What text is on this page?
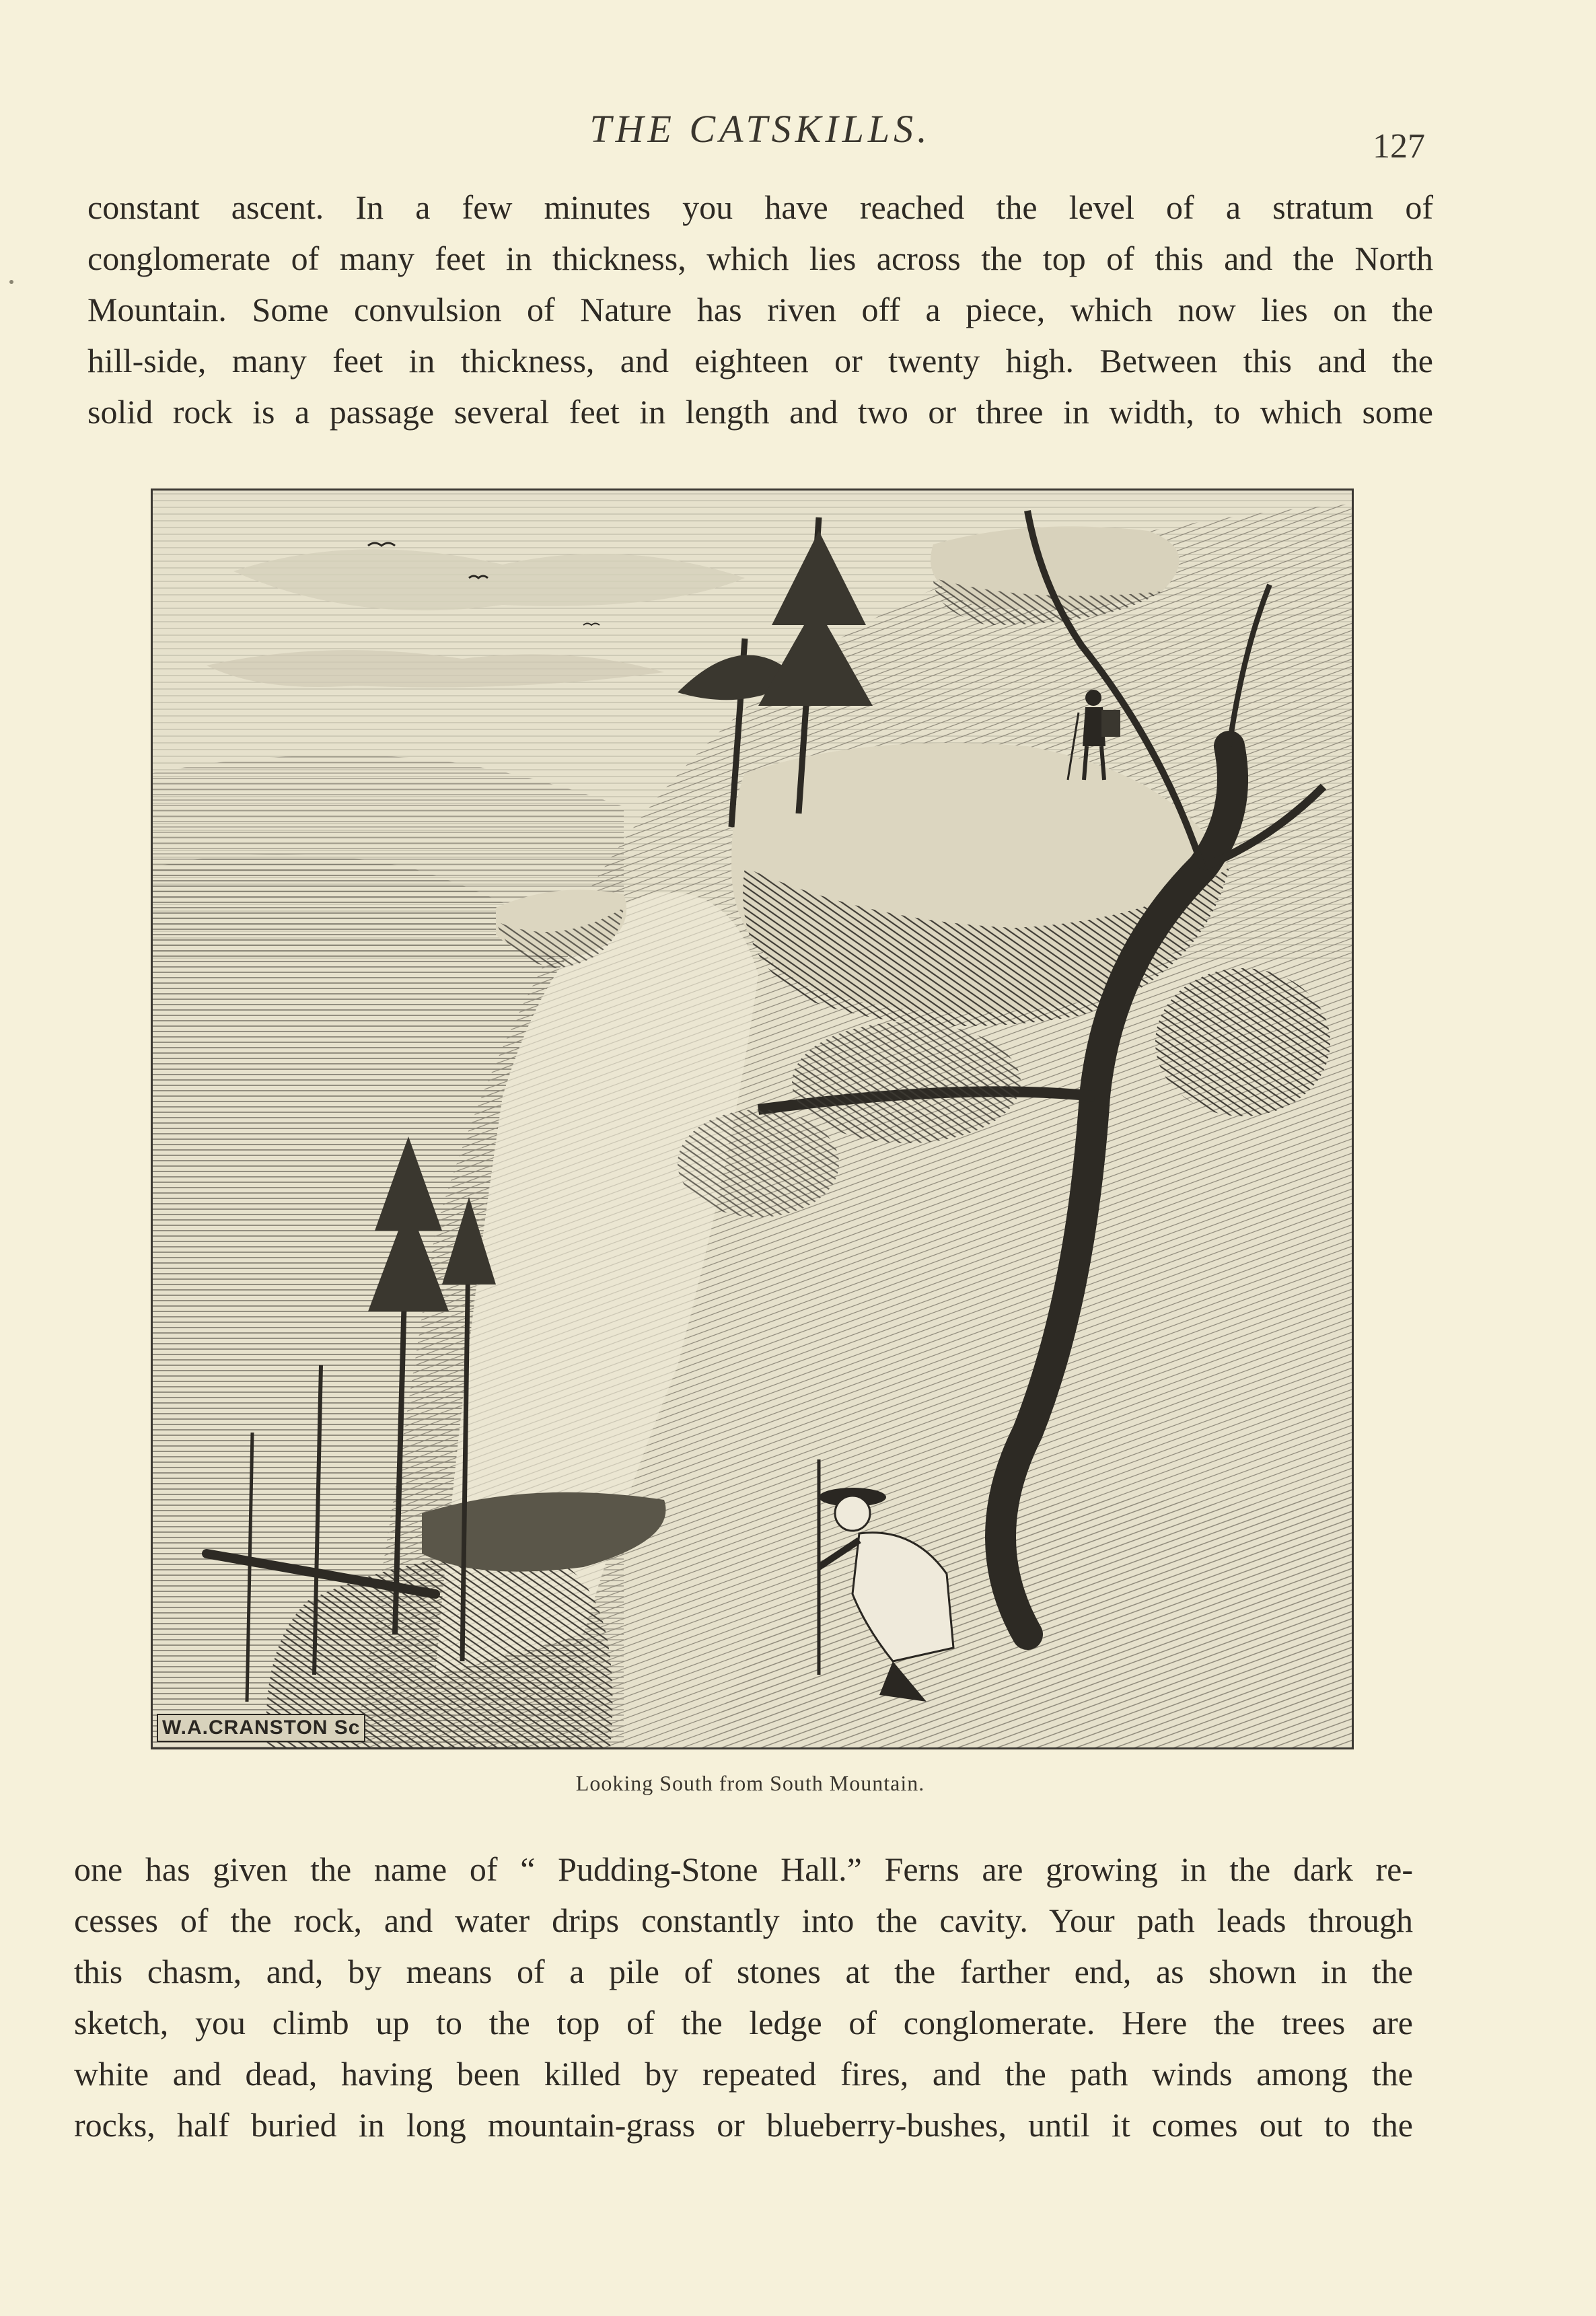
THE CATSKILLS.	127
constant ascent. In a few minutes you have reached the level of a stratum of
conglomerate of many feet in thickness, which lies across the top of this and the North
Mountain. Some convulsion of Nature has riven off a piece, which now lies on the
hill-side, many feet in thickness, and eighteen or twenty high. Between this and the
solid rock is a passage several feet in length and two or three in width, to which some
W.A.CRANSTON Sc
Looking South from South Mountain.
one has given the name of “ Pudding-Stone Hall.” Ferns are growing in the dark re-
cesses of the rock, and water drips constantly into the cavity. Your path leads through
this chasm, and, by means of a pile of stones at the farther end, as shown in the
sketch, you climb up to the top of the ledge of conglomerate. Here the trees are
white and dead, having been killed by repeated fires, and the path winds among the
rocks, half buried in long mountain-grass or blueberry-bushes, until it comes out to the
